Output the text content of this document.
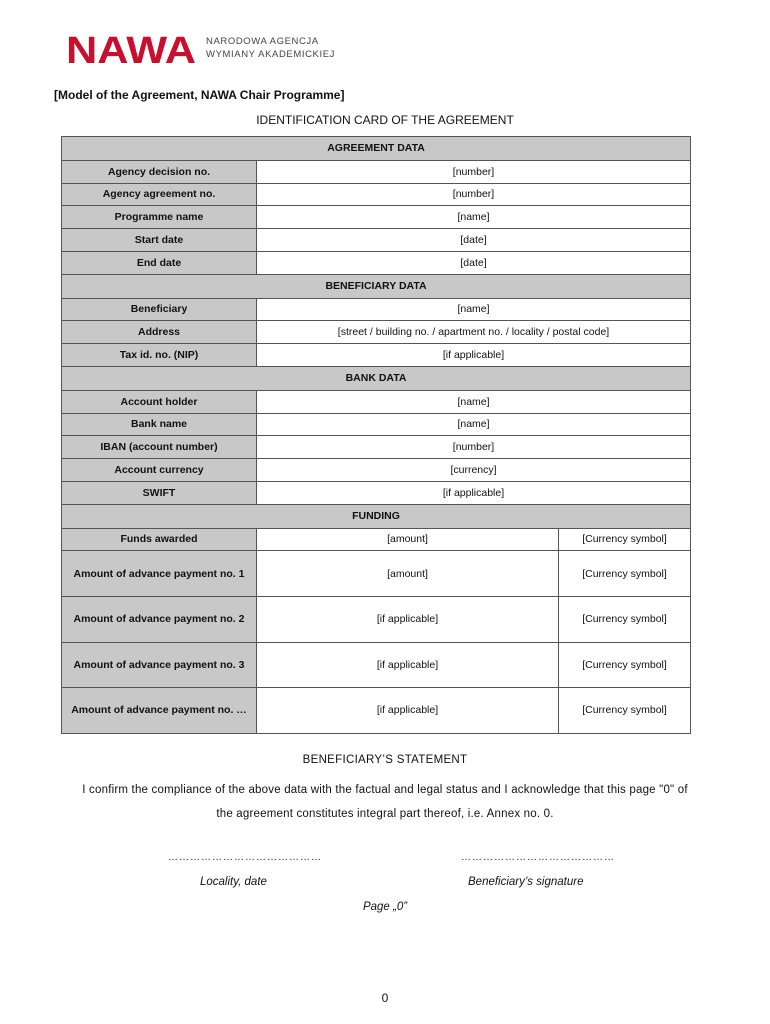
NAWA NARODOWA AGENCJA
WYMIANY AKADEMICKIEJ
[Model of the Agreement, NAWA Chair Programme]
IDENTIFICATION CARD OF THE AGREEMENT
AGREEMENT DATA		
Agency decision no.	[number]	
Agency agreement no.	[number]	
Programme name	[name]	
Start date	[date]	
End date	[date]	
BENEFICIARY DATA		
Beneficiary	[name]	
Address	[street / building no. / apartment no. / locality / postal code]	
Tax id. no. (NIP)	[if applicable]	
BANK DATA		
Account holder	[name]	
Bank name	[name]	
IBAN (account number)	[number]	
Account currency	[currency]	
SWIFT	[if applicable]	
FUNDING		
Funds awarded	[amount]	[Currency symbol]
Amount of advance payment no. 1	[amount]	[Currency symbol]
Amount of advance payment no. 2	[if applicable]	[Currency symbol]
Amount of advance payment no. 3	[if applicable]	[Currency symbol]
Amount of advance payment no. …	[if applicable]	[Currency symbol]
BENEFICIARY’S STATEMENT
I confirm the compliance of the above data with the factual and legal status and I acknowledge that this page "0" of the agreement constitutes integral part thereof, i.e. Annex no. 0.
……………………………………	……………………………………
Locality, date	Beneficiary’s signature
Page „0”
0
